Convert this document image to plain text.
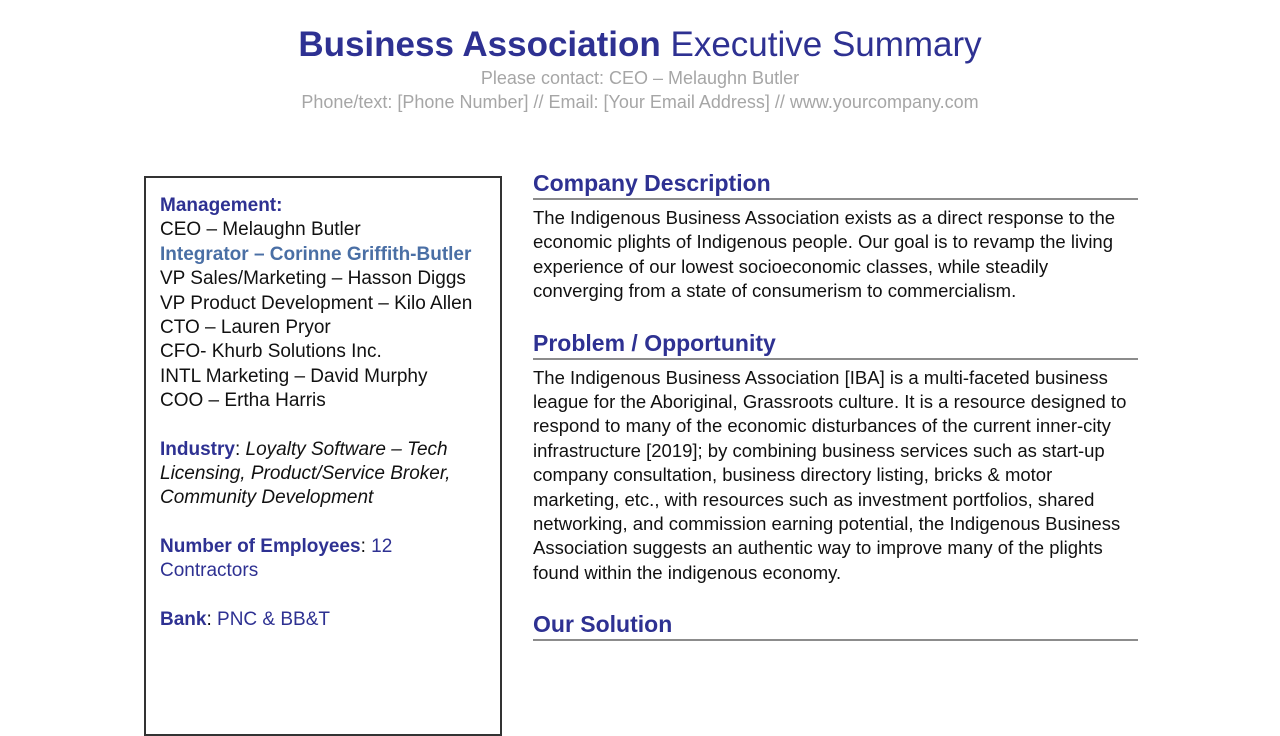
Business Association Executive Summary
Please contact: CEO – Melaughn Butler
Phone/text: [Phone Number] // Email: [Your Email Address] // www.yourcompany.com
Management:
CEO – Melaughn Butler
Integrator – Corinne Griffith-Butler
VP Sales/Marketing – Hasson Diggs
VP Product Development – Kilo Allen
CTO – Lauren Pryor
CFO- Khurb Solutions Inc.
INTL Marketing – David Murphy
COO – Ertha Harris
Industry: Loyalty Software – Tech Licensing, Product/Service Broker, Community Development
Number of Employees: 12 Contractors
Bank: PNC & BB&T
Company Description

The Indigenous Business Association exists as a direct response to the economic plights of Indigenous people. Our goal is to revamp the living experience of our lowest socioeconomic classes, while steadily converging from a state of consumerism to commercialism.

Problem / Opportunity

The Indigenous Business Association [IBA] is a multi-faceted business league for the Aboriginal, Grassroots culture. It is a resource designed to respond to many of the economic disturbances of the current inner-city infrastructure [2019]; by combining business services such as start-up company consultation, business directory listing, bricks & motor marketing, etc., with resources such as investment portfolios, shared networking, and commission earning potential, the Indigenous Business Association suggests an authentic way to improve many of the plights found within the indigenous economy.

Our Solution
